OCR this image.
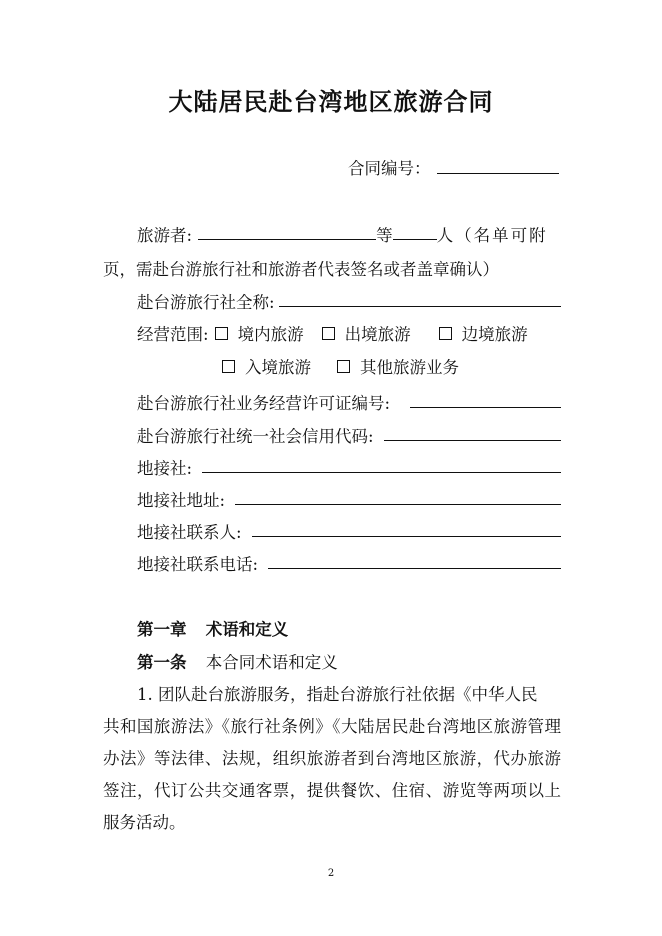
大陆居民赴台湾地区旅游合同
合同编号：
旅游者:	等	人（名单可附
页，需赴台游旅行社和旅游者代表签名或者盖章确认）
赴台游旅行社全称:
经营范围: 境内旅游 出境旅游	边境旅游
入境旅游	其他旅游业务
赴台游旅行社业务经营许可证编号:
赴台游旅行社统一社会信用代码:
地接社:
地接社地址:
地接社联系人:
地接社联系电话:
第一章 术语和定义
第一条 本合同术语和定义
1. 团队赴台旅游服务，指赴台游旅行社依据《中华人民
共和国旅游法》《旅行社条例》《大陆居民赴台湾地区旅游管理办法》等法律、法规，组织旅游者到台湾地区旅游，代办旅游签注，代订公共交通客票，提供餐饮、住宿、游览等两项以上服务活动。
2
